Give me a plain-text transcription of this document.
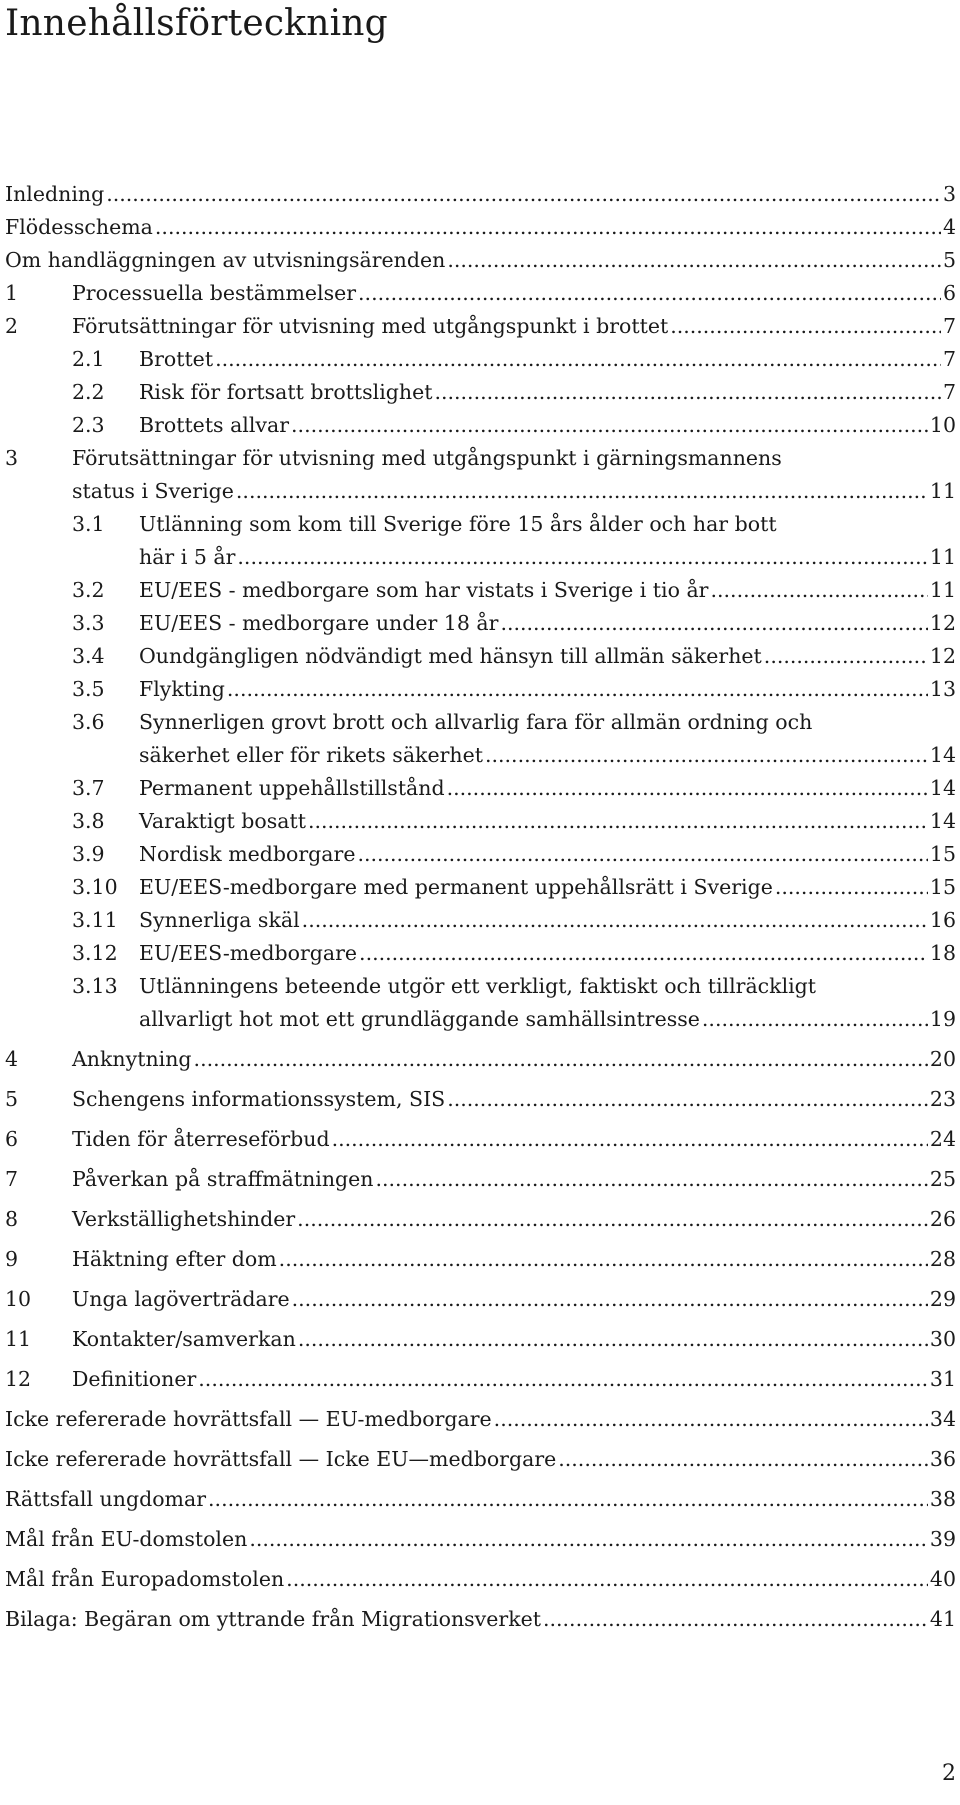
Innehållsförteckning
Inledning .....	3
Flödesschema .....	4
Om handläggningen av utvisningsärenden .....	5
1	Processuella bestämmelser .....	6
2	Förutsättningar för utvisning med utgångspunkt i brottet .....	7
2.1	Brottet .....	7
2.2	Risk för fortsatt brottslighet .....	7
2.3	Brottets allvar .....	10
3	Förutsättningar för utvisning med utgångspunkt i gärningsmannens
status i Sverige .....	11
3.1	Utlänning som kom till Sverige före 15 års ålder och har bott
här i 5 år .....	11
3.2	EU/EES - medborgare som har vistats i Sverige i tio år .....	11
3.3	EU/EES - medborgare under 18 år .....	12
3.4	Oundgängligen nödvändigt med hänsyn till allmän säkerhet .....	12
3.5	Flykting .....	13
3.6	Synnerligen grovt brott och allvarlig fara för allmän ordning och
säkerhet eller för rikets säkerhet .....	14
3.7	Permanent uppehållstillstånd .....	14
3.8	Varaktigt bosatt .....	14
3.9	Nordisk medborgare .....	15
3.10	EU/EES-medborgare med permanent uppehållsrätt i Sverige .....	15
3.11	Synnerliga skäl .....	16
3.12	EU/EES-medborgare .....	18
3.13	Utlänningens beteende utgör ett verkligt, faktiskt och tillräckligt
allvarligt hot mot ett grundläggande samhällsintresse .....	19
4	Anknytning .....	20
5	Schengens informationssystem, SIS .....	23
6	Tiden för återreseförbud .....	24
7	Påverkan på straffmätningen .....	25
8	Verkställighetshinder .....	26
9	Häktning efter dom .....	28
10	Unga lagöverträdare .....	29
11	Kontakter/samverkan .....	30
12	Definitioner .....	31
Icke refererade hovrättsfall — EU-medborgare .....	34
Icke refererade hovrättsfall — Icke EU—medborgare .....	36
Rättsfall ungdomar .....	38
Mål från EU-domstolen .....	39
Mål från Europadomstolen .....	40
Bilaga: Begäran om yttrande från Migrationsverket .....	41
2
